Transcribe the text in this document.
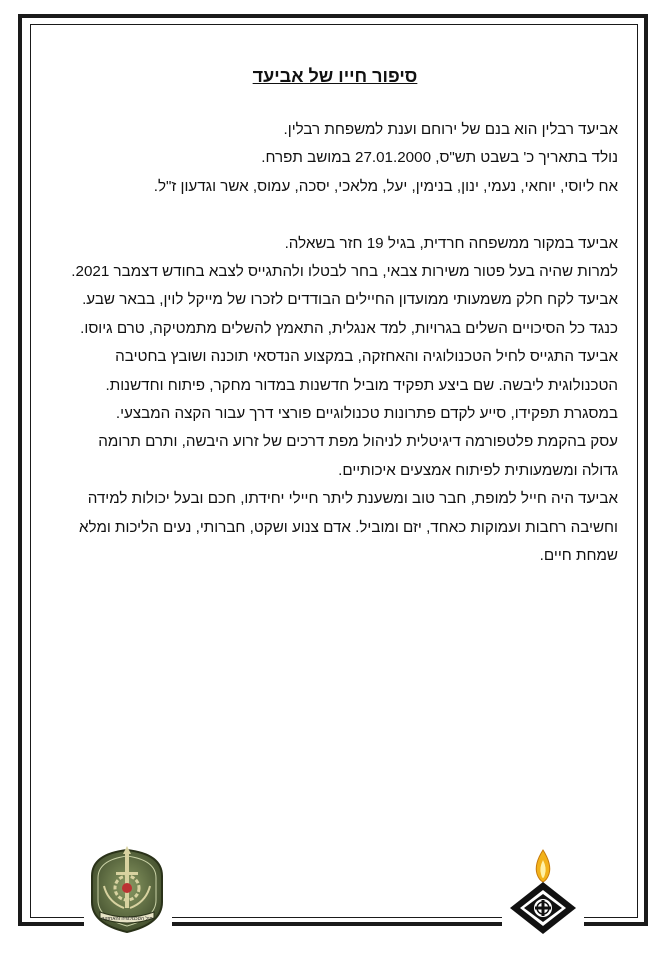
סיפור חייו של אביעד

אביעד רבלין הוא בנם של ירוחם וענת למשפחת רבלין.

נולד בתאריך כ' בשבט תש"ס, 27.01.2000 במושב תפרח.

אח ליוסי, יוחאי, נעמי, ינון, בנימין, יעל, מלאכי, יסכה, עמוס, אשר וגדעון ז"ל.

אביעד במקור ממשפחה חרדית, בגיל 19 חזר בשאלה.

למרות שהיה בעל פטור משירות צבאי, בחר לבטלו ולהתגייס לצבא בחודש דצמבר 2021.

אביעד לקח חלק משמעותי ממועדון החיילים הבודדים לזכרו של מייקל לוין, בבאר שבע.

כנגד כל הסיכויים השלים בגרויות, למד אנגלית, התאמץ להשלים מתמטיקה, טרם גיוסו.

אביעד התגייס לחיל הטכנולוגיה והאחזקה, במקצוע הנדסאי תוכנה ושובץ בחטיבה הטכנולוגית ליבשה. שם ביצע תפקיד מוביל חדשנות במדור מחקר, פיתוח וחדשנות. במסגרת תפקידו, סייע לקדם פתרונות טכנולוגיים פורצי דרך עבור הקצה המבצעי.

עסק בהקמת פלטפורמה דיגיטלית לניהול מפת דרכים של זרוע היבשה, ותרם תרומה גדולה ומשמעותית לפיתוח אמצעים איכותיים.

אביעד היה חייל למופת, חבר טוב ומשענת ליתר חיילי יחידתו, חכם ובעל יכולות למידה וחשיבה רחבות ועמוקות כאחד, יזם ומוביל. אדם צנוע ושקט, חברותי, נעים הליכות ומלא שמחת חיים.

חיל הטכנולוגיה והאחזקה
